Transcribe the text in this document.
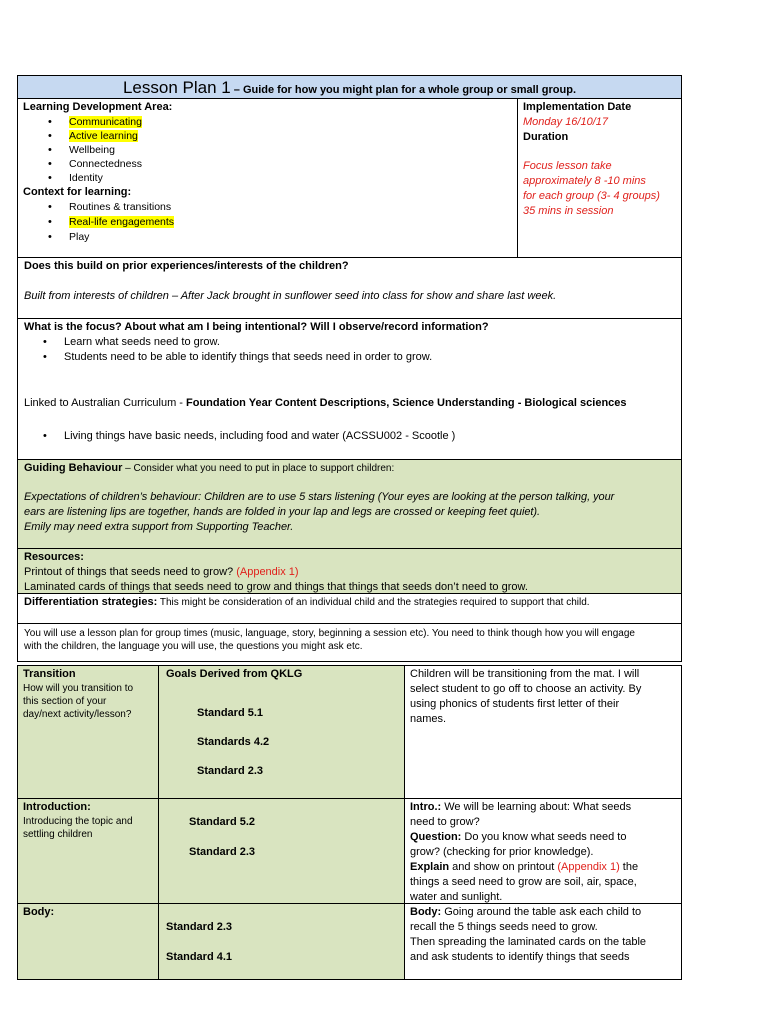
Lesson Plan 1 – Guide for how you might plan for a whole group or small group.
Learning Development Area:
• Communicating
• Active learning
• Wellbeing
• Connectedness
• Identity
Context for learning:
• Routines & transitions
• Real-life engagements
• Play
Implementation Date
Monday 16/10/17
Duration
Focus lesson take
approximately 8 -10 mins
for each group (3- 4 groups)
35 mins in session
Does this build on prior experiences/interests of the children?
Built from interests of children – After Jack brought in sunflower seed into class for show and share last week.
What is the focus? About what am I being intentional? Will I observe/record information?
• Learn what seeds need to grow.
• Students need to be able to identify things that seeds need in order to grow.
Linked to Australian Curriculum - Foundation Year Content Descriptions, Science Understanding - Biological sciences
• Living things have basic needs, including food and water (ACSSU002 - Scootle )
Guiding Behaviour – Consider what you need to put in place to support children:
Expectations of children’s behaviour: Children are to use 5 stars listening (Your eyes are looking at the person talking, your
ears are listening lips are together, hands are folded in your lap and legs are crossed or keeping feet quiet).
Emily may need extra support from Supporting Teacher.
Resources:
Printout of things that seeds need to grow? (Appendix 1)
Laminated cards of things that seeds need to grow and things that things that seeds don’t need to grow.
Differentiation strategies: This might be consideration of an individual child and the strategies required to support that child.
You will use a lesson plan for group times (music, language, story, beginning a session etc). You need to think though how you will engage
with the children, the language you will use, the questions you might ask etc.
Transition
How will you transition to
this section of your
day/next activity/lesson?
Goals Derived from QKLG
Standard 5.1
Standards 4.2
Standard 2.3
Children will be transitioning from the mat. I will
select student to go off to choose an activity. By
using phonics of students first letter of their
names.
Introduction:
Introducing the topic and
settling children
Standard 5.2
Standard 2.3
Intro.: We will be learning about: What seeds
need to grow?
Question: Do you know what seeds need to
grow? (checking for prior knowledge).
Explain and show on printout (Appendix 1) the
things a seed need to grow are soil, air, space,
water and sunlight.
Body:
Standard 2.3
Standard 4.1
Body: Going around the table ask each child to
recall the 5 things seeds need to grow.
Then spreading the laminated cards on the table
and ask students to identify things that seeds
